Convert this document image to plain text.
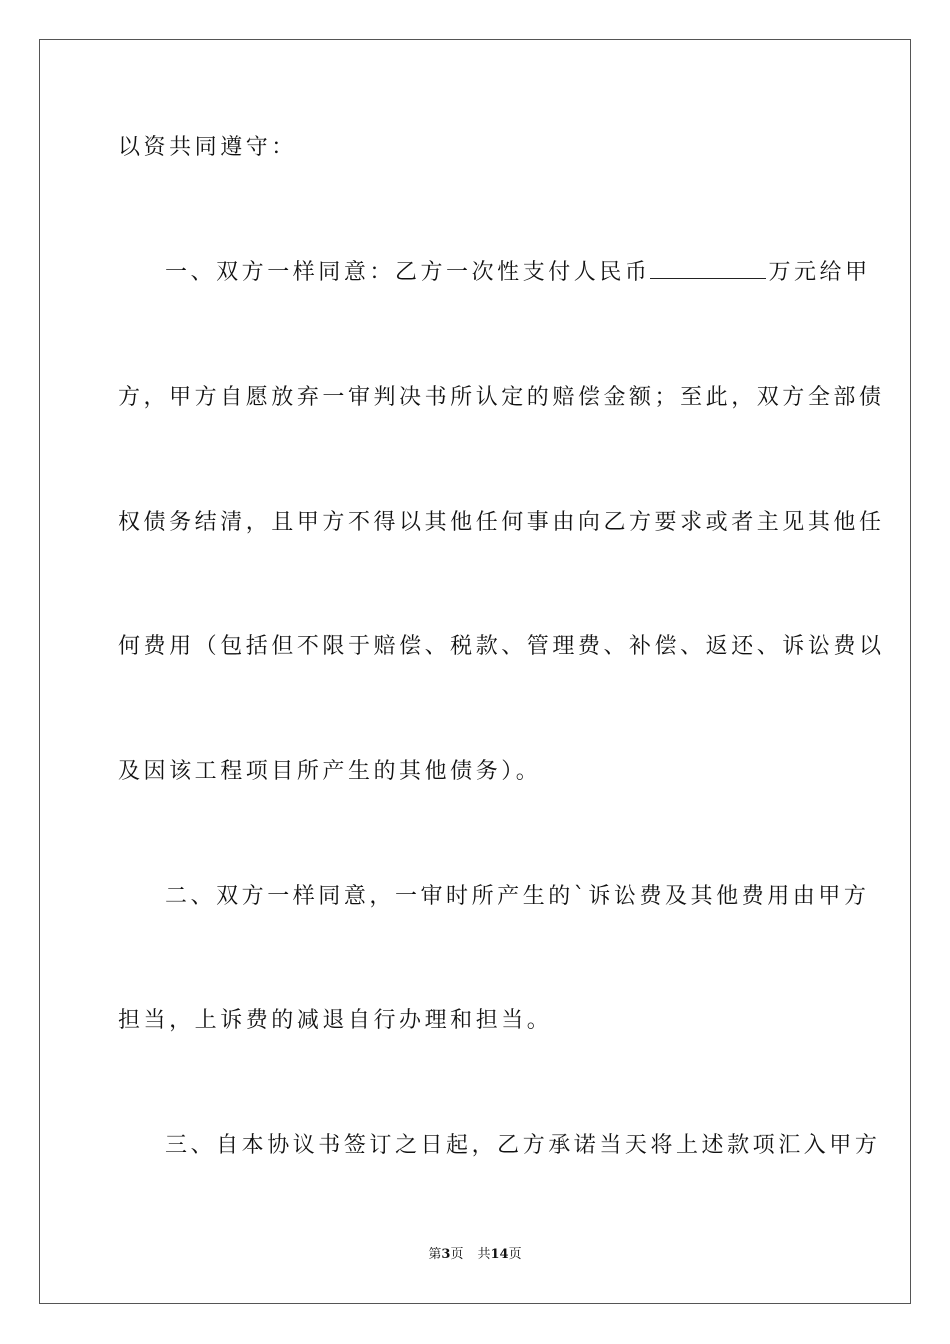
以资共同遵守：
一、双方一样同意：乙方一次性支付人民币	万元给甲
方，甲方自愿放弃一审判决书所认定的赔偿金额；至此，双方全部债
权债务结清，且甲方不得以其他任何事由向乙方要求或者主见其他任
何费用（包括但不限于赔偿、税款、管理费、补偿、返还、诉讼费以
及因该工程项目所产生的其他债务）。
二、双方一样同意，一审时所产生的`诉讼费及其他费用由甲方
担当，上诉费的减退自行办理和担当。
三、自本协议书签订之日起，乙方承诺当天将上述款项汇入甲方
第3页 共14页
